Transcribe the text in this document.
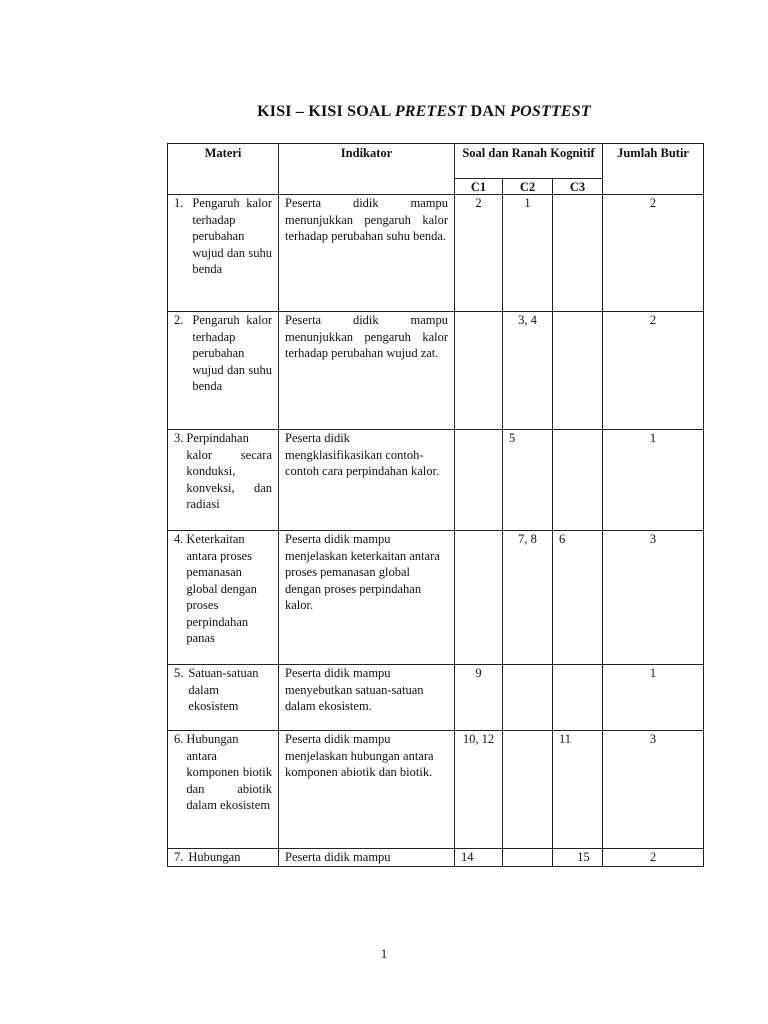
KISI – KISI SOAL PRETEST DAN POSTTEST
Materi	Indikator	Soal dan Ranah Kognitif			Jumlah Butir
		C1	C2	C3	

1. Pengaruh kalor terhadap perubahan wujud dan suhu benda	Peserta didik mampu menunjukkan pengaruh kalor terhadap perubahan suhu benda.	2	1		2

2. Pengaruh kalor terhadap perubahan wujud dan suhu benda	Peserta didik mampu menunjukkan pengaruh kalor terhadap perubahan wujud zat.		3, 4		2

3. Perpindahan kalor secara konduksi, konveksi, dan radiasi	Peserta didik mengklasifikasikan contoh-contoh cara perpindahan kalor.		5		1

4. Keterkaitan antara proses pemanasan global dengan proses perpindahan panas	Peserta didik mampu menjelaskan keterkaitan antara proses pemanasan global dengan proses perpindahan kalor.		7, 8	6	3

5. Satuan-satuan dalam ekosistem	Peserta didik mampu menyebutkan satuan-satuan dalam ekosistem.	9			1

6. Hubungan antara komponen biotik dan abiotik dalam ekosistem	Peserta didik mampu menjelaskan hubungan antara komponen abiotik dan biotik.	10, 12		11	3

7. Hubungan	Peserta didik mampu	14		15	2
1
